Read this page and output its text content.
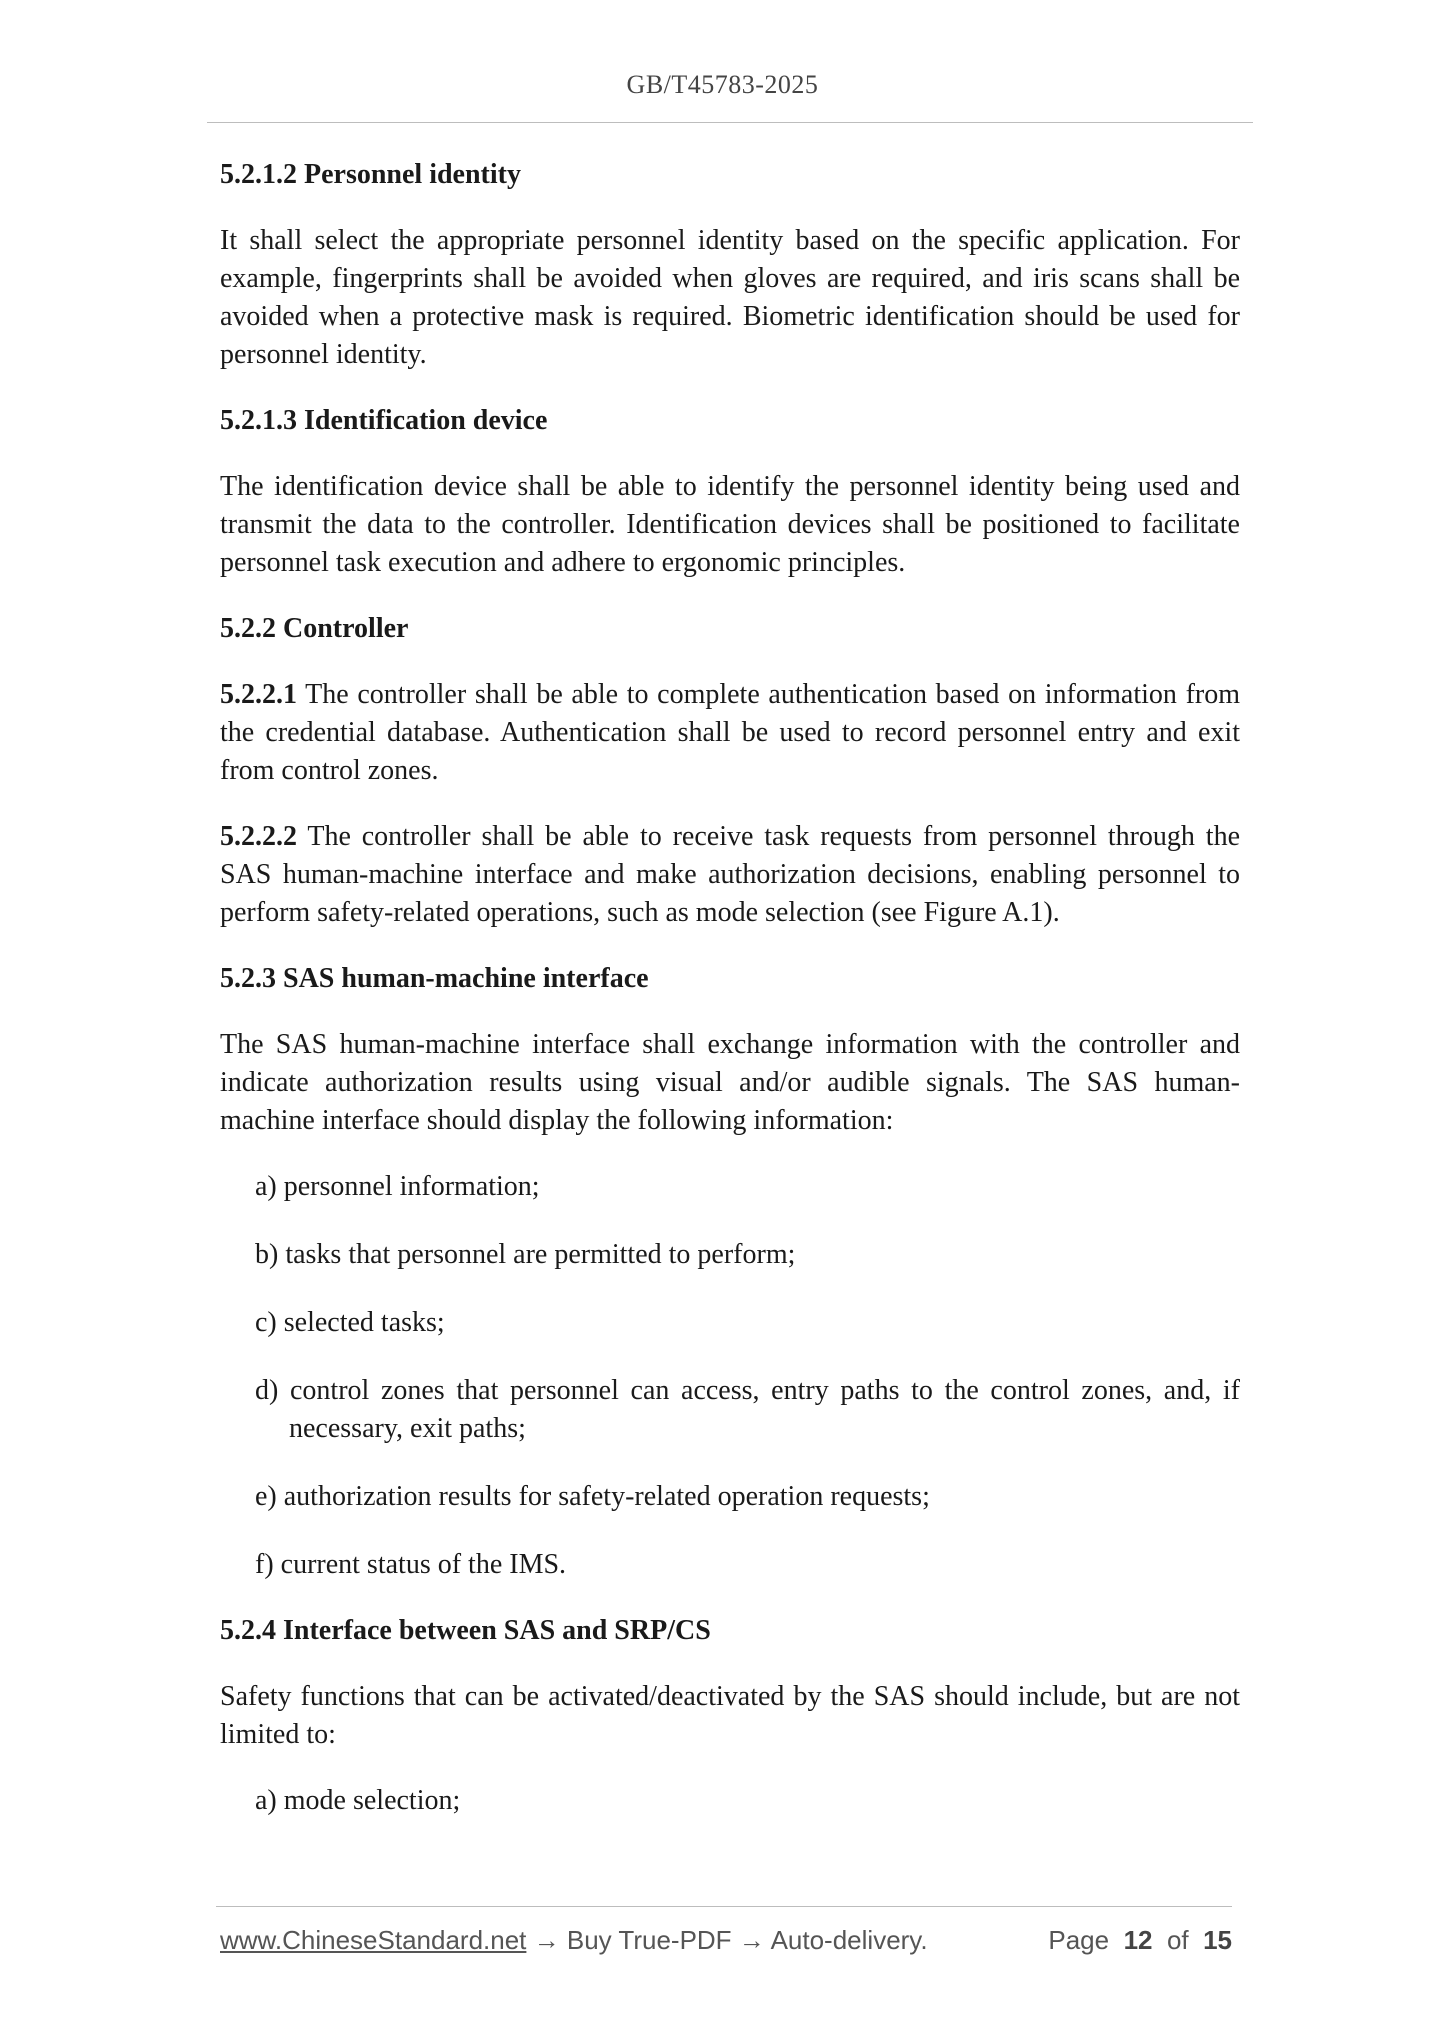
GB/T45783-2025
5.2.1.2 Personnel identity

It shall select the appropriate personnel identity based on the specific application. For example, fingerprints shall be avoided when gloves are required, and iris scans shall be avoided when a protective mask is required. Biometric identification should be used for personnel identity.

5.2.1.3 Identification device

The identification device shall be able to identify the personnel identity being used and transmit the data to the controller. Identification devices shall be positioned to facilitate personnel task execution and adhere to ergonomic principles.

5.2.2 Controller

5.2.2.1 The controller shall be able to complete authentication based on information from the credential database. Authentication shall be used to record personnel entry and exit from control zones.

5.2.2.2 The controller shall be able to receive task requests from personnel through the SAS human-machine interface and make authorization decisions, enabling personnel to perform safety-related operations, such as mode selection (see Figure A.1).

5.2.3 SAS human-machine interface

The SAS human-machine interface shall exchange information with the controller and indicate authorization results using visual and/or audible signals. The SAS human-machine interface should display the following information:

a) personnel information;
b) tasks that personnel are permitted to perform;
c) selected tasks;
d) control zones that personnel can access, entry paths to the control zones, and, if necessary, exit paths;
e) authorization results for safety-related operation requests;
f) current status of the IMS.
5.2.4 Interface between SAS and SRP/CS

Safety functions that can be activated/deactivated by the SAS should include, but are not limited to:

a) mode selection;
www.ChineseStandard.net → Buy True-PDF → Auto-delivery.	Page 12 of 15
